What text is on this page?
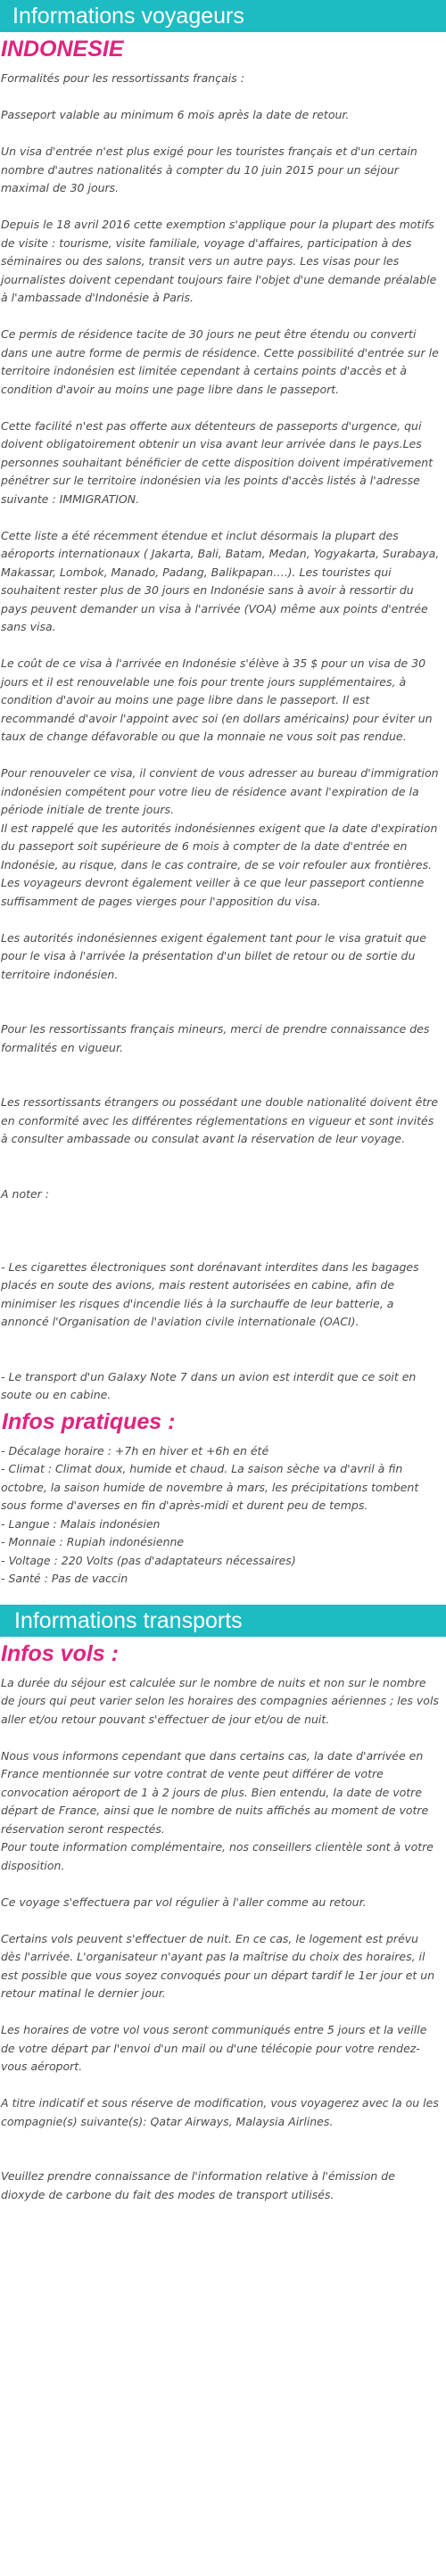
Informations voyageurs
INDONESIE

Formalités pour les ressortissants français :

Passeport valable au minimum 6 mois après la date de retour.

Un visa d'entrée n'est plus exigé pour les touristes français et d'un certain nombre d'autres nationalités à compter du 10 juin 2015 pour un séjour maximal de 30 jours.

Depuis le 18 avril 2016 cette exemption s'applique pour la plupart des motifs de visite : tourisme, visite familiale, voyage d'affaires, participation à des séminaires ou des salons, transit vers un autre pays. Les visas pour les journalistes doivent cependant toujours faire l'objet d'une demande préalable à l'ambassade d'Indonésie à Paris.

Ce permis de résidence tacite de 30 jours ne peut être étendu ou converti dans une autre forme de permis de résidence. Cette possibilité d'entrée sur le territoire indonésien est limitée cependant à certains points d'accès et à condition d'avoir au moins une page libre dans le passeport.

Cette facilité n'est pas offerte aux détenteurs de passeports d'urgence, qui doivent obligatoirement obtenir un visa avant leur arrivée dans le pays.Les personnes souhaitant bénéficier de cette disposition doivent impérativement pénétrer sur le territoire indonésien via les points d'accès listés à l'adresse suivante : IMMIGRATION.

Cette liste a été récemment étendue et inclut désormais la plupart des aéroports internationaux ( Jakarta, Bali, Batam, Medan, Yogyakarta, Surabaya, Makassar, Lombok, Manado, Padang, Balikpapan….). Les touristes qui souhaitent rester plus de 30 jours en Indonésie sans à avoir à ressortir du pays peuvent demander un visa à l'arrivée (VOA) même aux points d'entrée sans visa.

Le coût de ce visa à l'arrivée en Indonésie s'élève à 35 $ pour un visa de 30 jours et il est renouvelable une fois pour trente jours supplémentaires, à condition d'avoir au moins une page libre dans le passeport. Il est recommandé d'avoir l'appoint avec soi (en dollars américains) pour éviter un taux de change défavorable ou que la monnaie ne vous soit pas rendue.

Pour renouveler ce visa, il convient de vous adresser au bureau d'immigration indonésien compétent pour votre lieu de résidence avant l'expiration de la période initiale de trente jours.

Il est rappelé que les autorités indonésiennes exigent que la date d'expiration du passeport soit supérieure de 6 mois à compter de la date d'entrée en Indonésie, au risque, dans le cas contraire, de se voir refouler aux frontières. Les voyageurs devront également veiller à ce que leur passeport contienne suffisamment de pages vierges pour l'apposition du visa.

Les autorités indonésiennes exigent également tant pour le visa gratuit que pour le visa à l'arrivée la présentation d'un billet de retour ou de sortie du territoire indonésien.

Pour les ressortissants français mineurs, merci de prendre connaissance des formalités en vigueur.

Les ressortissants étrangers ou possédant une double nationalité doivent être en conformité avec les différentes réglementations en vigueur et sont invités à consulter ambassade ou consulat avant la réservation de leur voyage.

A noter :

- Les cigarettes électroniques sont dorénavant interdites dans les bagages placés en soute des avions, mais restent autorisées en cabine, afin de minimiser les risques d'incendie liés à la surchauffe de leur batterie, a annoncé l'Organisation de l'aviation civile internationale (OACI).

- Le transport d'un Galaxy Note 7 dans un avion est interdit que ce soit en soute ou en cabine.

Infos pratiques :

- Décalage horaire : +7h en hiver et +6h en été

- Climat : Climat doux, humide et chaud. La saison sèche va d'avril à fin octobre, la saison humide de novembre à mars, les précipitations tombent sous forme d'averses en fin d'après-midi et durent peu de temps.

- Langue : Malais indonésien

- Monnaie : Rupiah indonésienne

- Voltage : 220 Volts (pas d'adaptateurs nécessaires)

- Santé : Pas de vaccin

Informations transports
Infos vols :

La durée du séjour est calculée sur le nombre de nuits et non sur le nombre de jours qui peut varier selon les horaires des compagnies aériennes ; les vols aller et/ou retour pouvant s'effectuer de jour et/ou de nuit.

Nous vous informons cependant que dans certains cas, la date d'arrivée en France mentionnée sur votre contrat de vente peut différer de votre convocation aéroport de 1 à 2 jours de plus. Bien entendu, la date de votre départ de France, ainsi que le nombre de nuits affichés au moment de votre réservation seront respectés.
Pour toute information complémentaire, nos conseillers clientèle sont à votre disposition.

Ce voyage s'effectuera par vol régulier à l'aller comme au retour.

Certains vols peuvent s'effectuer de nuit. En ce cas, le logement est prévu dès l'arrivée. L'organisateur n'ayant pas la maîtrise du choix des horaires, il est possible que vous soyez convoqués pour un départ tardif le 1er jour et un retour matinal le dernier jour.

Les horaires de votre vol vous seront communiqués entre 5 jours et la veille de votre départ par l'envoi d'un mail ou d'une télécopie pour votre rendez-vous aéroport.

A titre indicatif et sous réserve de modification, vous voyagerez avec la ou les compagnie(s) suivante(s): Qatar Airways, Malaysia Airlines.

Veuillez prendre connaissance de l'information relative à l'émission de dioxyde de carbone du fait des modes de transport utilisés.
